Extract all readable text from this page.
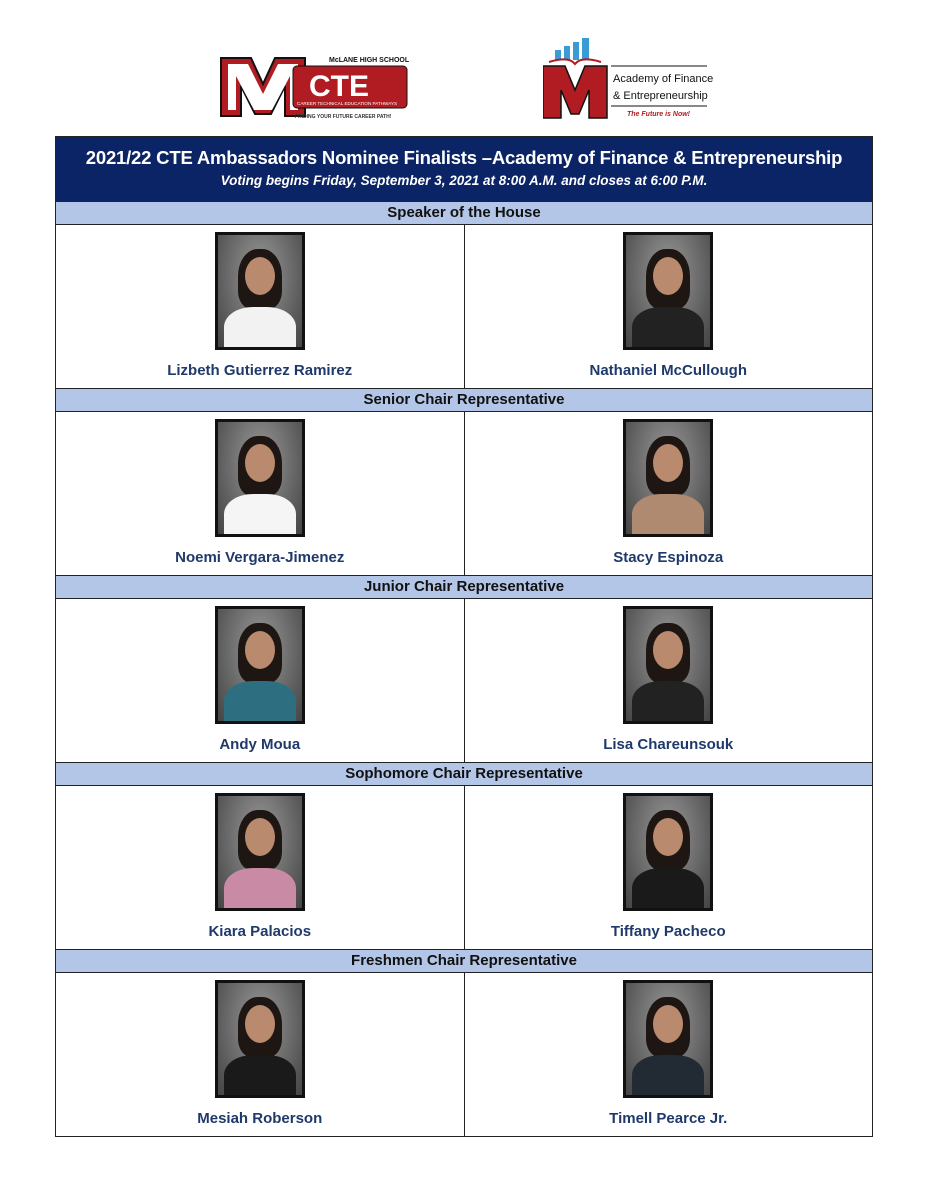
McLANE HIGH SCHOOL
CTE
CAREER TECHNICAL EDUCATION PATHWAYS
FINDING YOUR FUTURE CAREER PATH!
Academy of Finance
& Entrepreneurship
The Future is Now!
2021/22 CTE Ambassadors Nominee Finalists –Academy of Finance & Entrepreneurship
Voting begins Friday, September 3, 2021 at 8:00 A.M. and closes at 6:00 P.M.
Speaker of the House
Lizbeth Gutierrez Ramirez	Nathaniel McCullough
Senior Chair Representative
Noemi Vergara-Jimenez	Stacy Espinoza
Junior Chair Representative
Andy Moua	Lisa Chareunsouk
Sophomore Chair Representative
Kiara Palacios	Tiffany Pacheco
Freshmen Chair Representative
Mesiah Roberson	Timell Pearce Jr.
